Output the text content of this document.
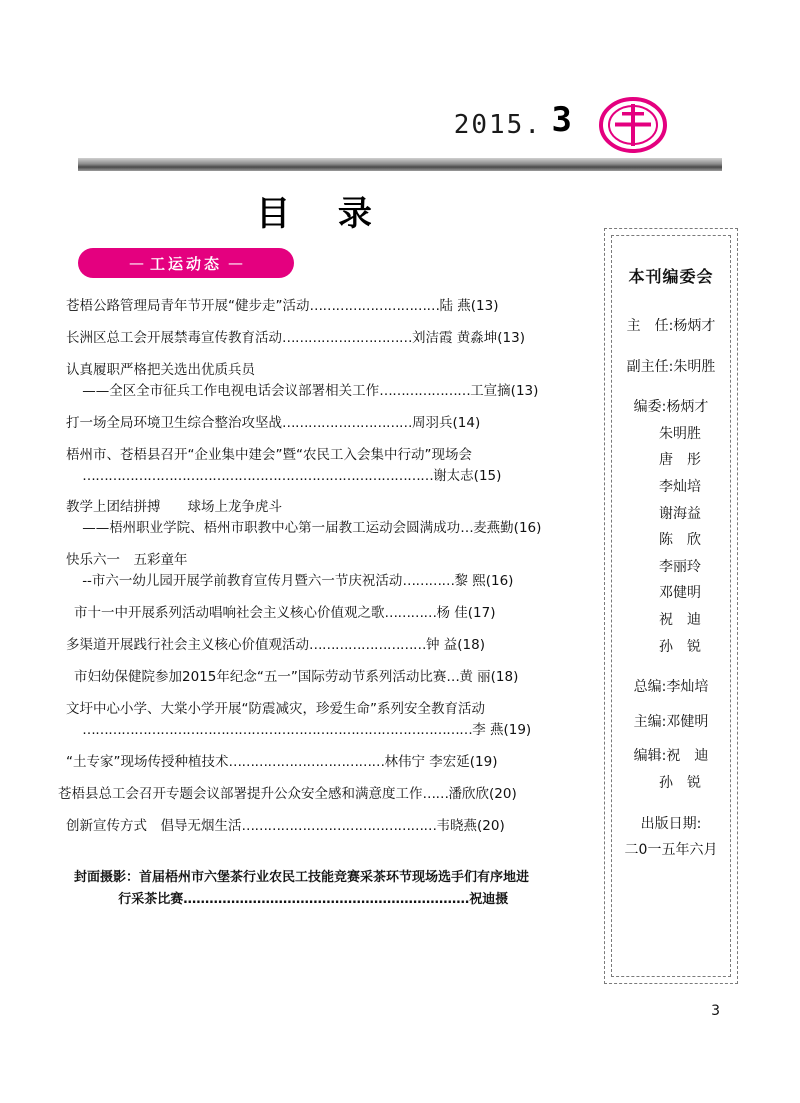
2015. 3
目 录
— 工运动态 —
苍梧公路管理局青年节开展“健步走”活动…………………………陆 燕(13)
长洲区总工会开展禁毒宣传教育活动…………………………刘洁霞 黄淼坤(13)
认真履职严格把关选出优质兵员
——全区全市征兵工作电视电话会议部署相关工作…………………工宣摘(13)
打一场全局环境卫生综合整治攻坚战…………………………周羽兵(14)
梧州市、苍梧县召开“企业集中建会”暨“农民工入会集中行动”现场会
………………………………………………………………………谢太志(15)
教学上团结拼搏　　球场上龙争虎斗
——梧州职业学院、梧州市职教中心第一届教工运动会圆满成功…麦燕勤(16)
快乐六一　五彩童年
--市六一幼儿园开展学前教育宣传月暨六一节庆祝活动…………黎 熙(16)
市十一中开展系列活动唱响社会主义核心价值观之歌…………杨 佳(17)
多渠道开展践行社会主义核心价值观活动………………………钟 益(18)
市妇幼保健院参加2015年纪念“五一”国际劳动节系列活动比赛…黄 丽(18)
文圩中心小学、大棠小学开展“防震减灾，珍爱生命”系列安全教育活动
………………………………………………………………………………李 燕(19)
“土专家”现场传授种植技术………………………………林伟宁 李宏延(19)
苍梧县总工会召开专题会议部署提升公众安全感和满意度工作……潘欣欣(20)
创新宣传方式　倡导无烟生活………………………………………韦晓燕(20)
封面摄影：首届梧州市六堡茶行业农民工技能竞赛采茶环节现场选手们有序地进
行采茶比赛…………………………………………………………祝迪摄
本刊编委会
主　任:杨炳才
副主任:朱明胜
编委:杨炳才
朱明胜
唐　彤
李灿培
谢海益
陈　欣
李丽玲
邓健明
祝　迪
孙　锐
总编:李灿培
主编:邓健明
编辑:祝　迪
孙　锐
出版日期:
二0一五年六月
3
